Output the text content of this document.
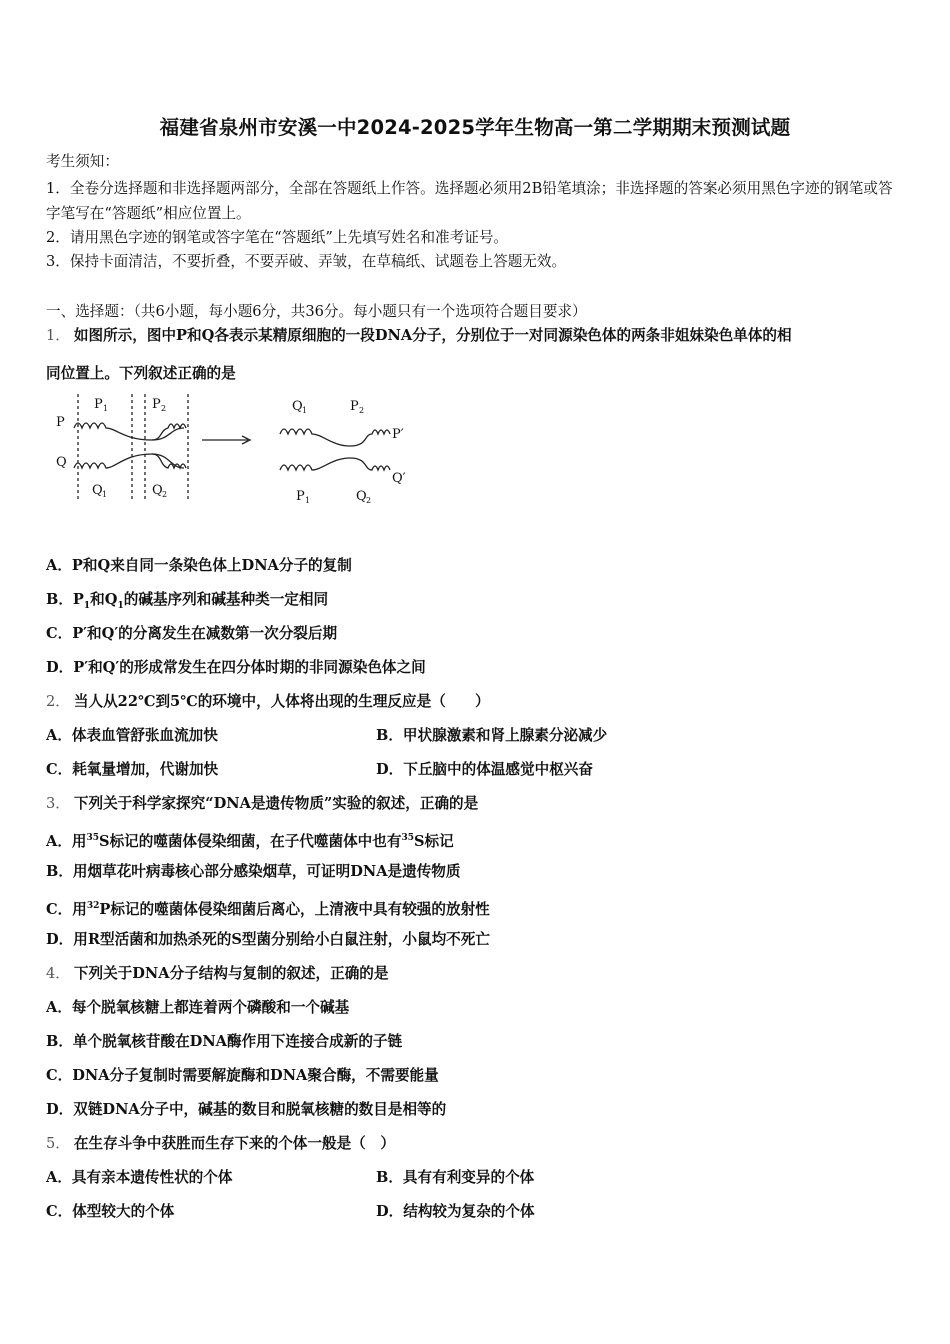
福建省泉州市安溪一中2024-2025学年生物高一第二学期期末预测试题
考生须知：
1．全卷分选择题和非选择题两部分，全部在答题纸上作答。选择题必须用2B铅笔填涂；非选择题的答案必须用黑色字迹的钢笔或答字笔写在“答题纸”相应位置上。
2．请用黑色字迹的钢笔或答字笔在“答题纸”上先填写姓名和准考证号。
3．保持卡面清洁，不要折叠，不要弄破、弄皱，在草稿纸、试题卷上答题无效。
一、选择题：（共6小题，每小题6分，共36分。每小题只有一个选项符合题目要求）
1． 如图所示，图中P和Q各表示某精原细胞的一段DNA分子，分别位于一对同源染色体的两条非姐妹染色单体的相
同位置上。下列叙述正确的是
P
Q
P 1	P 2
Q 1	Q 2
Q 1	P 2
P′
Q′
P 1	Q 2
A．P和Q来自同一条染色体上DNA分子的复制
B．$P_1$和$Q_1$的碱基序列和碱基种类一定相同
C．P′和Q′的分离发生在减数第一次分裂后期
D．P′和Q′的形成常发生在四分体时期的非同源染色体之间
2． 当人从22℃到5℃的环境中，人体将出现的生理反应是（　　）
A．体表血管舒张血流加快	B．甲状腺激素和肾上腺素分泌减少
C．耗氧量增加，代谢加快	D．下丘脑中的体温感觉中枢兴奋
3． 下列关于科学家探究“DNA是遗传物质”实验的叙述，正确的是
A．用$^{35}$S标记的噬菌体侵染细菌，在子代噬菌体中也有$^{35}$S标记
B．用烟草花叶病毒核心部分感染烟草，可证明DNA是遗传物质
C．用$^{32}$P标记的噬菌体侵染细菌后离心，上清液中具有较强的放射性
D．用R型活菌和加热杀死的S型菌分别给小白鼠注射，小鼠均不死亡
4． 下列关于DNA分子结构与复制的叙述，正确的是
A．每个脱氧核糖上都连着两个磷酸和一个碱基
B．单个脱氧核苷酸在DNA酶作用下连接合成新的子链
C．DNA分子复制时需要解旋酶和DNA聚合酶，不需要能量
D．双链DNA分子中，碱基的数目和脱氧核糖的数目是相等的
5． 在生存斗争中获胜而生存下来的个体一般是（　）
A．具有亲本遗传性状的个体	B．具有有利变异的个体
C．体型较大的个体	D．结构较为复杂的个体
